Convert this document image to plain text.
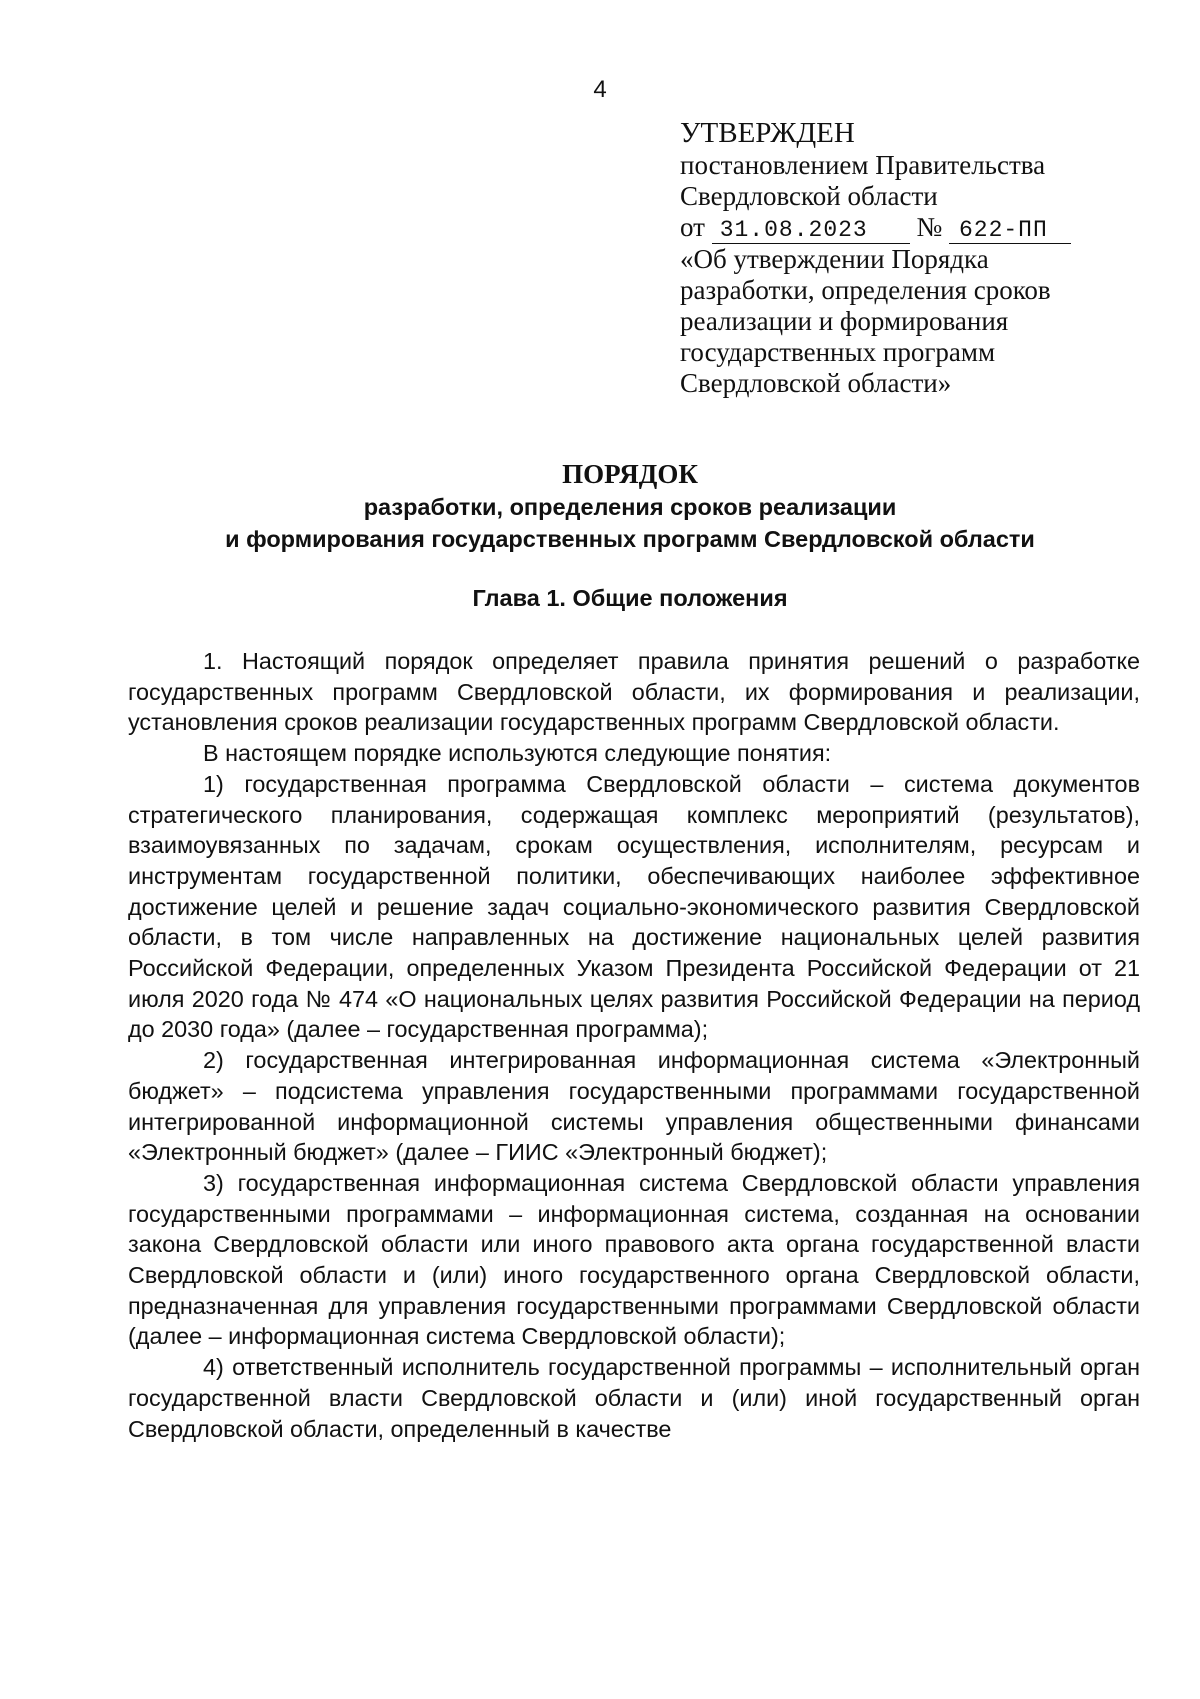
4
УТВЕРЖДЕН
постановлением Правительства
Свердловской области
от 31.08.2023 № 622-ПП
«Об утверждении Порядка
разработки, определения сроков
реализации и формирования
государственных программ
Свердловской области»
ПОРЯДОК
разработки, определения сроков реализации
и формирования государственных программ Свердловской области
Глава 1. Общие положения

1. Настоящий порядок определяет правила принятия решений о разработке государственных программ Свердловской области, их формирования и реализации, установления сроков реализации государственных программ Свердловской области.

В настоящем порядке используются следующие понятия:

1) государственная программа Свердловской области – система документов стратегического планирования, содержащая комплекс мероприятий (результатов), взаимоувязанных по задачам, срокам осуществления, исполнителям, ресурсам и инструментам государственной политики, обеспечивающих наиболее эффективное достижение целей и решение задач социально-экономического развития Свердловской области, в том числе направленных на достижение национальных целей развития Российской Федерации, определенных Указом Президента Российской Федерации от 21 июля 2020 года № 474 «О национальных целях развития Российской Федерации на период до 2030 года» (далее – государственная программа);

2) государственная интегрированная информационная система «Электронный бюджет» – подсистема управления государственными программами государственной интегрированной информационной системы управления общественными финансами «Электронный бюджет» (далее – ГИИС «Электронный бюджет);

3) государственная информационная система Свердловской области управления государственными программами – информационная система, созданная на основании закона Свердловской области или иного правового акта органа государственной власти Свердловской области и (или) иного государственного органа Свердловской области, предназначенная для управления государственными программами Свердловской области (далее – информационная система Свердловской области);

4) ответственный исполнитель государственной программы – исполнительный орган государственной власти Свердловской области и (или) иной государственный орган Свердловской области, определенный в качестве
